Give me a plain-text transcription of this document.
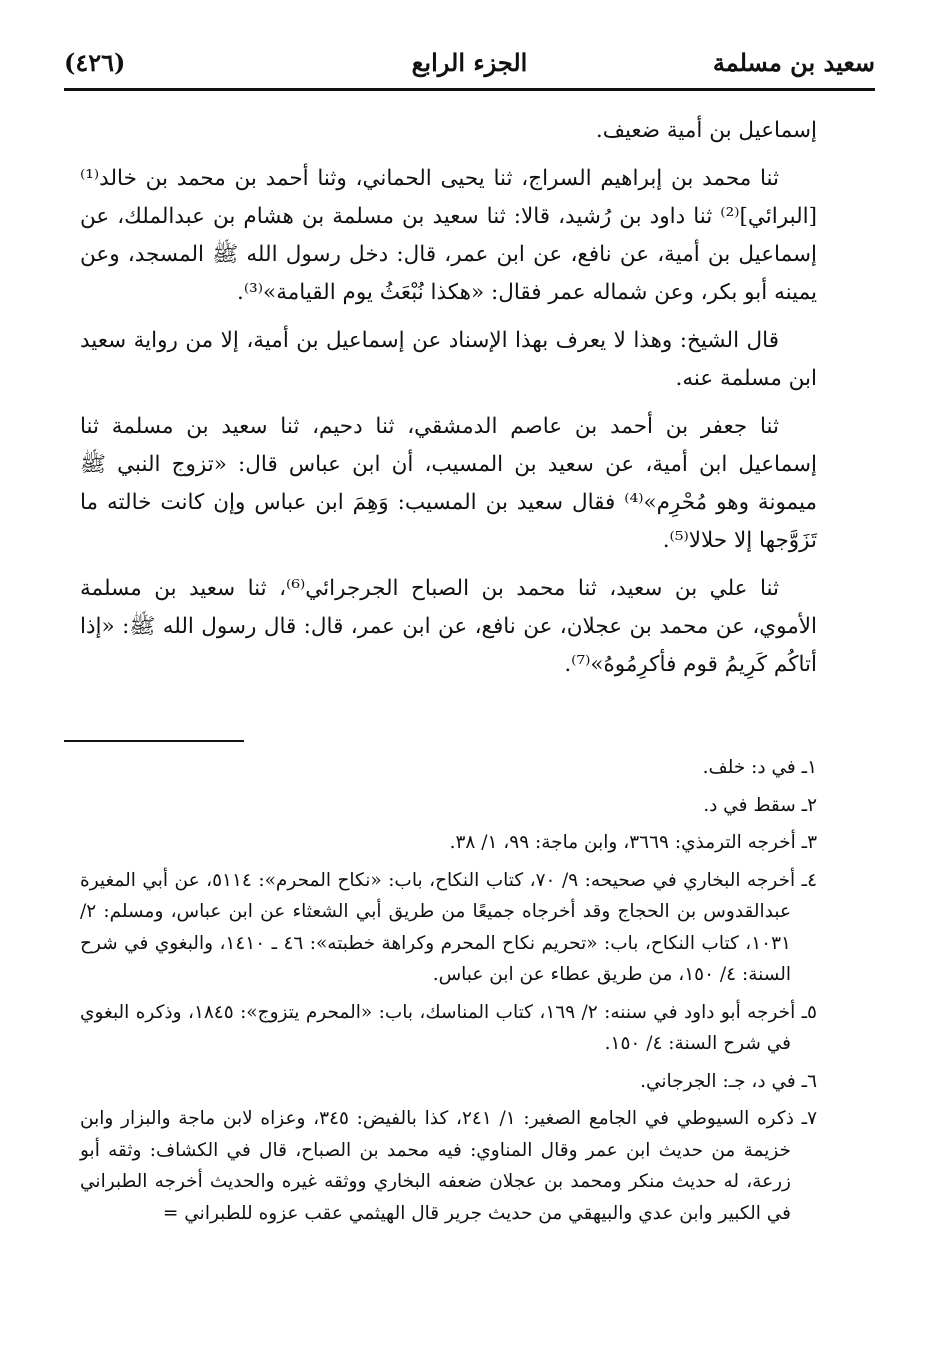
سعيد بن مسلمة
الجزء الرابع
(٤٢٦)

إسماعيل بن أمية ضعيف.

ثنا محمد بن إبراهيم السراج، ثنا يحيى الحماني، وثنا أحمد بن محمد بن خالد⁽¹⁾ [البرائي]⁽²⁾ ثنا داود بن رُشيد، قالا: ثنا سعيد بن مسلمة بن هشام بن عبدالملك، عن إسماعيل بن أمية، عن نافع، عن ابن عمر، قال: دخل رسول الله ﷺ المسجد، وعن يمينه أبو بكر، وعن شماله عمر فقال: «هكذا نُبْعَثُ يوم القيامة»⁽³⁾.

قال الشيخ: وهذا لا يعرف بهذا الإسناد عن إسماعيل بن أمية، إلا من رواية سعيد ابن مسلمة عنه.

ثنا جعفر بن أحمد بن عاصم الدمشقي، ثنا دحيم، ثنا سعيد بن مسلمة ثنا إسماعيل ابن أمية، عن سعيد بن المسيب، أن ابن عباس قال: «تزوج النبي ﷺ ميمونة وهو مُحْرِم»⁽⁴⁾ فقال سعيد بن المسيب: وَهِمَ ابن عباس وإن كانت خالته ما تَزَوَّجها إلا حلالا⁽⁵⁾.

ثنا علي بن سعيد، ثنا محمد بن الصباح الجرجرائي⁽⁶⁾، ثنا سعيد بن مسلمة الأموي، عن محمد بن عجلان، عن نافع، عن ابن عمر، قال: قال رسول الله ﷺ: «إذا أتاكُم كَرِيمُ قوم فأكرِمُوهُ»⁽⁷⁾.

١ـ في د: خلف.
٢ـ سقط في د.
٣ـ أخرجه الترمذي: ٣٦٦٩، وابن ماجة: ٩٩، ١/ ٣٨.
٤ـ أخرجه البخاري في صحيحه: ٩/ ٧٠، كتاب النكاح، باب: «نكاح المحرم»: ٥١١٤، عن أبي المغيرة عبدالقدوس بن الحجاج وقد أخرجاه جميعًا من طريق أبي الشعثاء عن ابن عباس، ومسلم: ٢/ ١٠٣١، كتاب النكاح، باب: «تحريم نكاح المحرم وكراهة خطبته»: ٤٦ ـ ١٤١٠، والبغوي في شرح السنة: ٤/ ١٥٠، من طريق عطاء عن ابن عباس.
٥ـ أخرجه أبو داود في سننه: ٢/ ١٦٩، كتاب المناسك، باب: «المحرم يتزوج»: ١٨٤٥، وذكره البغوي في شرح السنة: ٤/ ١٥٠.
٦ـ في د، جـ: الجرجاني.
٧ـ ذكره السيوطي في الجامع الصغير: ١/ ٢٤١، كذا بالفيض: ٣٤٥، وعزاه لابن ماجة والبزار وابن خزيمة من حديث ابن عمر وقال المناوي: فيه محمد بن الصباح، قال في الكشاف: وثقه أبو زرعة، له حديث منكر ومحمد بن عجلان ضعفه البخاري ووثقه غيره والحديث أخرجه الطبراني في الكبير وابن عدي والبيهقي من حديث جرير قال الهيثمي عقب عزوه للطبراني =
